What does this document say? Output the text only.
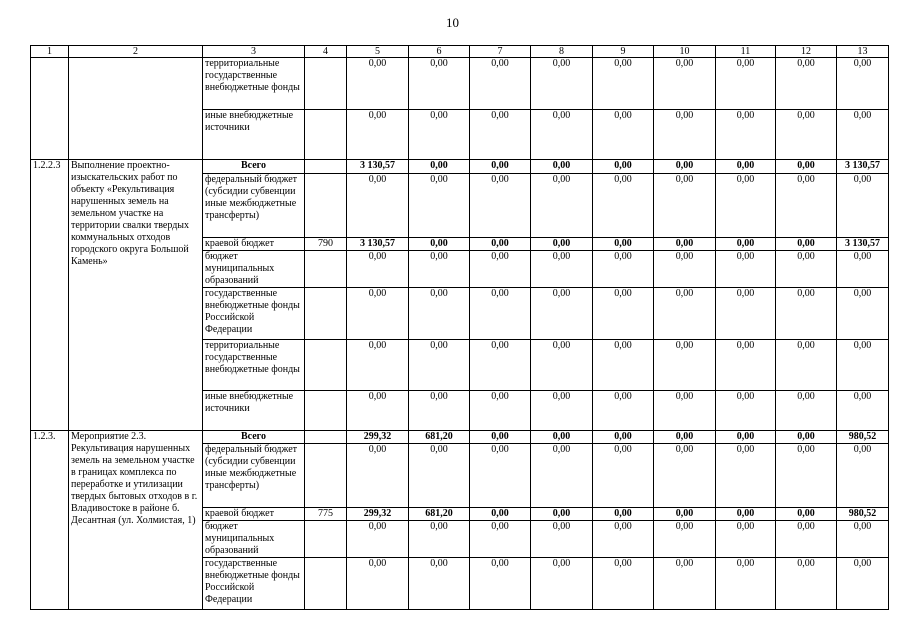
10
1	2	3	4	5	6	7	8	9	10	11	12	13
		территориальные государственные внебюджетные фонды		0,00	0,00	0,00	0,00	0,00	0,00	0,00	0,00	0,00
		иные внебюджетные источники		0,00	0,00	0,00	0,00	0,00	0,00	0,00	0,00	0,00
1.2.2.3	Выполнение проектно-изыскательских работ по объекту «Рекультивация нарушенных земель на земельном участке на территории свалки твердых коммунальных отходов городского округа Большой Камень»	Всего		3 130,57	0,00	0,00	0,00	0,00	0,00	0,00	0,00	3 130,57
		федеральный бюджет (субсидии субвенции иные межбюджетные трансферты)		0,00	0,00	0,00	0,00	0,00	0,00	0,00	0,00	0,00
		краевой бюджет	790	3 130,57	0,00	0,00	0,00	0,00	0,00	0,00	0,00	3 130,57
		бюджет муниципальных образований		0,00	0,00	0,00	0,00	0,00	0,00	0,00	0,00	0,00
		государственные внебюджетные фонды Российской Федерации		0,00	0,00	0,00	0,00	0,00	0,00	0,00	0,00	0,00
		территориальные государственные внебюджетные фонды		0,00	0,00	0,00	0,00	0,00	0,00	0,00	0,00	0,00
		иные внебюджетные источники		0,00	0,00	0,00	0,00	0,00	0,00	0,00	0,00	0,00
1.2.3.	Мероприятие 2.3. Рекультивация нарушенных земель на земельном участке в границах комплекса по переработке и утилизации твердых бытовых отходов в г. Владивостоке в районе б. Десантная (ул. Холмистая, 1)	Всего		299,32	681,20	0,00	0,00	0,00	0,00	0,00	0,00	980,52
		федеральный бюджет (субсидии субвенции иные межбюджетные трансферты)		0,00	0,00	0,00	0,00	0,00	0,00	0,00	0,00	0,00
		краевой бюджет	775	299,32	681,20	0,00	0,00	0,00	0,00	0,00	0,00	980,52
		бюджет муниципальных образований		0,00	0,00	0,00	0,00	0,00	0,00	0,00	0,00	0,00
		государственные внебюджетные фонды Российской Федерации		0,00	0,00	0,00	0,00	0,00	0,00	0,00	0,00	0,00
